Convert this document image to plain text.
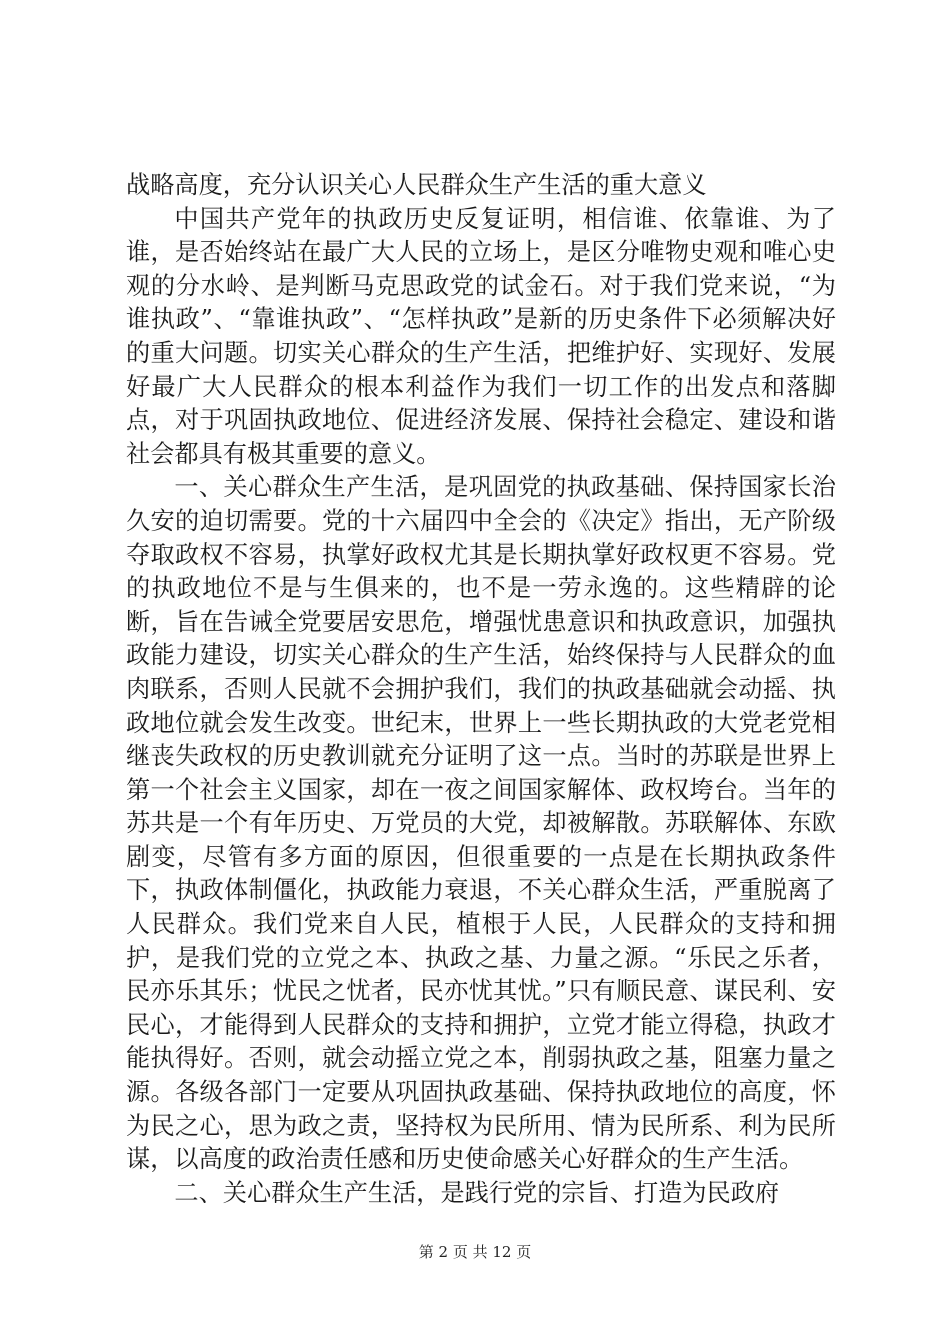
战略高度，充分认识关心人民群众生产生活的重大意义

中国共产党年的执政历史反复证明，相信谁、依靠谁、为了谁，是否始终站在最广大人民的立场上，是区分唯物史观和唯心史观的分水岭、是判断马克思政党的试金石。对于我们党来说，“为谁执政”、“靠谁执政”、“怎样执政”是新的历史条件下必须解决好的重大问题。切实关心群众的生产生活，把维护好、实现好、发展好最广大人民群众的根本利益作为我们一切工作的出发点和落脚点，对于巩固执政地位、促进经济发展、保持社会稳定、建设和谐社会都具有极其重要的意义。

一、关心群众生产生活，是巩固党的执政基础、保持国家长治久安的迫切需要。党的十六届四中全会的《决定》指出，无产阶级夺取政权不容易，执掌好政权尤其是长期执掌好政权更不容易。党的执政地位不是与生俱来的，也不是一劳永逸的。这些精辟的论断，旨在告诫全党要居安思危，增强忧患意识和执政意识，加强执政能力建设，切实关心群众的生产生活，始终保持与人民群众的血肉联系，否则人民就不会拥护我们，我们的执政基础就会动摇、执政地位就会发生改变。世纪末，世界上一些长期执政的大党老党相继丧失政权的历史教训就充分证明了这一点。当时的苏联是世界上第一个社会主义国家，却在一夜之间国家解体、政权垮台。当年的苏共是一个有年历史、万党员的大党，却被解散。苏联解体、东欧剧变，尽管有多方面的原因，但很重要的一点是在长期执政条件下，执政体制僵化，执政能力衰退，不关心群众生活，严重脱离了人民群众。我们党来自人民，植根于人民，人民群众的支持和拥护，是我们党的立党之本、执政之基、力量之源。“乐民之乐者，民亦乐其乐；忧民之忧者，民亦忧其忧。”只有顺民意、谋民利、安民心，才能得到人民群众的支持和拥护，立党才能立得稳，执政才能执得好。否则，就会动摇立党之本，削弱执政之基，阻塞力量之源。各级各部门一定要从巩固执政基础、保持执政地位的高度，怀为民之心，思为政之责，坚持权为民所用、情为民所系、利为民所谋，以高度的政治责任感和历史使命感关心好群众的生产生活。

二、关心群众生产生活，是践行党的宗旨、打造为民政府

第 2 页 共 12 页
